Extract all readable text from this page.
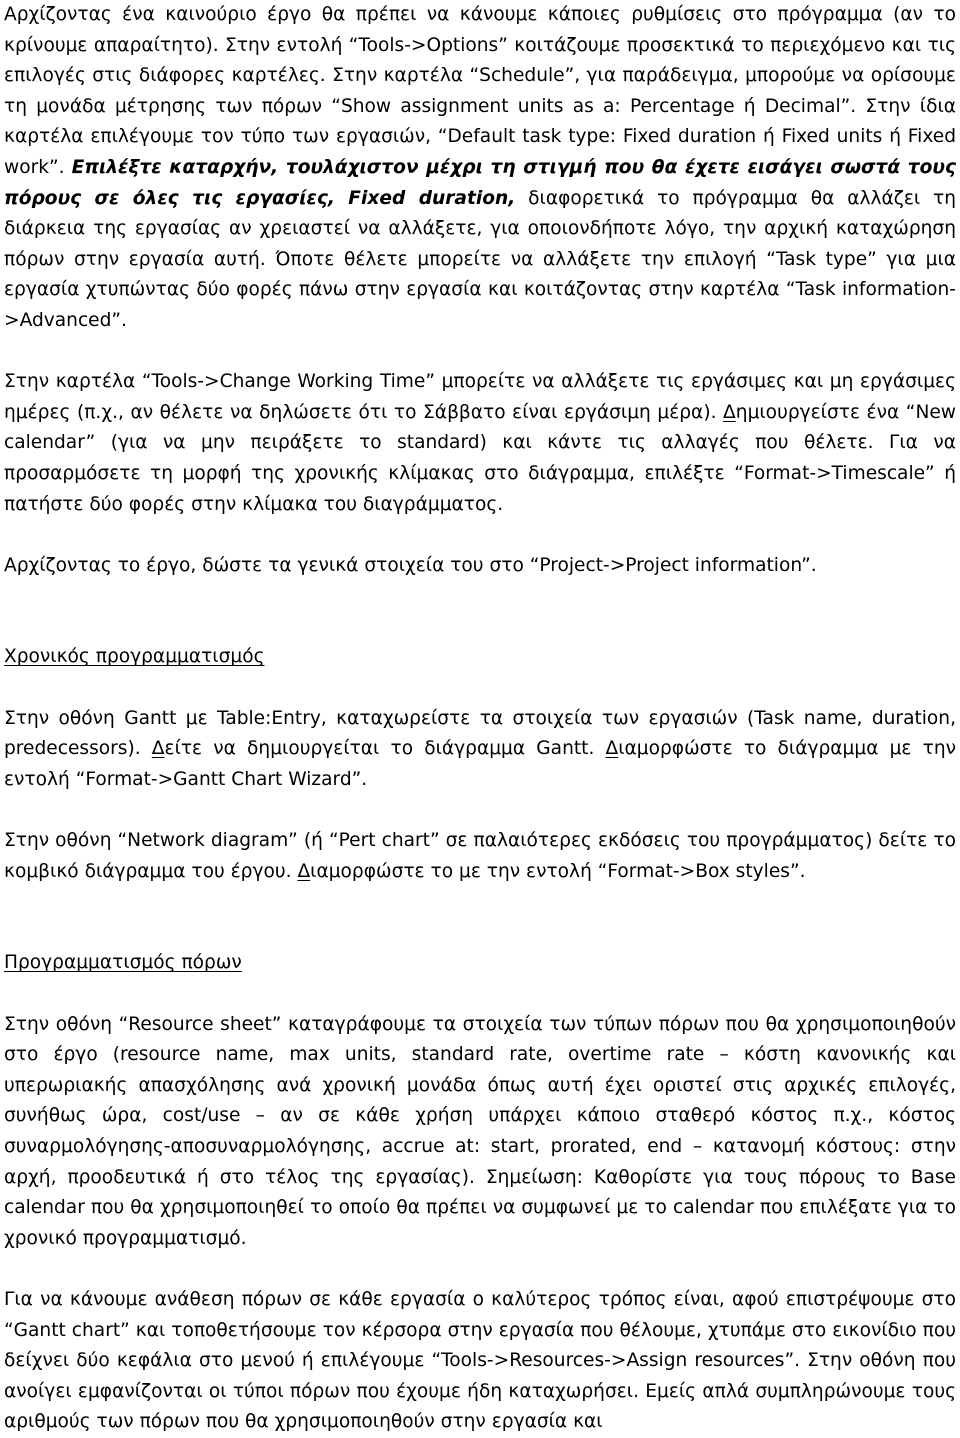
Αρχίζοντας ένα καινούριο έργο θα πρέπει να κάνουμε κάποιες ρυθμίσεις στο πρόγραμμα (αν το κρίνουμε απαραίτητο). Στην εντολή “Tools->Options” κοιτάζουμε προσεκτικά το περιεχόμενο και τις επιλογές στις διάφορες καρτέλες. Στην καρτέλα “Schedule”, για παράδειγμα, μπορούμε να ορίσουμε τη μονάδα μέτρησης των πόρων “Show assignment units as a: Percentage ή Decimal”. Στην ίδια καρτέλα επιλέγουμε τον τύπο των εργασιών, “Default task type: Fixed duration ή Fixed units ή Fixed work”. Επιλέξτε καταρχήν, τουλάχιστον μέχρι τη στιγμή που θα έχετε εισάγει σωστά τους πόρους σε όλες τις εργασίες, Fixed duration, διαφορετικά το πρόγραμμα θα αλλάζει τη διάρκεια της εργασίας αν χρειαστεί να αλλάξετε, για οποιονδήποτε λόγο, την αρχική καταχώρηση πόρων στην εργασία αυτή. Όποτε θέλετε μπορείτε να αλλάξετε την επιλογή “Task type” για μια εργασία χτυπώντας δύο φορές πάνω στην εργασία και κοιτάζοντας στην καρτέλα “Task information->Advanced”.

Στην καρτέλα “Tools->Change Working Time” μπορείτε να αλλάξετε τις εργάσιμες και μη εργάσιμες ημέρες (π.χ., αν θέλετε να δηλώσετε ότι το Σάββατο είναι εργάσιμη μέρα). Δημιουργείστε ένα “New calendar” (για να μην πειράξετε το standard) και κάντε τις αλλαγές που θέλετε. Για να προσαρμόσετε τη μορφή της χρονικής κλίμακας στο διάγραμμα, επιλέξτε “Format->Timescale” ή πατήστε δύο φορές στην κλίμακα του διαγράμματος.

Αρχίζοντας το έργο, δώστε τα γενικά στοιχεία του στο “Project->Project information”.

Χρονικός προγραμματισμός

Στην οθόνη Gantt με Table:Entry, καταχωρείστε τα στοιχεία των εργασιών (Task name, duration, predecessors). Δείτε να δημιουργείται το διάγραμμα Gantt. Διαμορφώστε το διάγραμμα με την εντολή “Format->Gantt Chart Wizard”.

Στην οθόνη “Network diagram” (ή “Pert chart” σε παλαιότερες εκδόσεις του προγράμματος) δείτε το κομβικό διάγραμμα του έργου. Διαμορφώστε το με την εντολή “Format->Box styles”.

Προγραμματισμός πόρων

Στην οθόνη “Resource sheet” καταγράφουμε τα στοιχεία των τύπων πόρων που θα χρησιμοποιηθούν στο έργο (resource name, max units, standard rate, overtime rate – κόστη κανονικής και υπερωριακής απασχόλησης ανά χρονική μονάδα όπως αυτή έχει οριστεί στις αρχικές επιλογές, συνήθως ώρα, cost/use – αν σε κάθε χρήση υπάρχει κάποιο σταθερό κόστος π.χ., κόστος συναρμολόγησης-αποσυναρμολόγησης, accrue at: start, prorated, end – κατανομή κόστους: στην αρχή, προοδευτικά ή στο τέλος της εργασίας). Σημείωση: Καθορίστε για τους πόρους το Base calendar που θα χρησιμοποιηθεί το οποίο θα πρέπει να συμφωνεί με το calendar που επιλέξατε για το χρονικό προγραμματισμό.

Για να κάνουμε ανάθεση πόρων σε κάθε εργασία ο καλύτερος τρόπος είναι, αφού επιστρέψουμε στο “Gantt chart” και τοποθετήσουμε τον κέρσορα στην εργασία που θέλουμε, χτυπάμε στο εικονίδιο που δείχνει δύο κεφάλια στο μενού ή επιλέγουμε “Tools->Resources->Assign resources”. Στην οθόνη που ανοίγει εμφανίζονται οι τύποι πόρων που έχουμε ήδη καταχωρήσει. Εμείς απλά συμπληρώνουμε τους αριθμούς των πόρων που θα χρησιμοποιηθούν στην εργασία και
